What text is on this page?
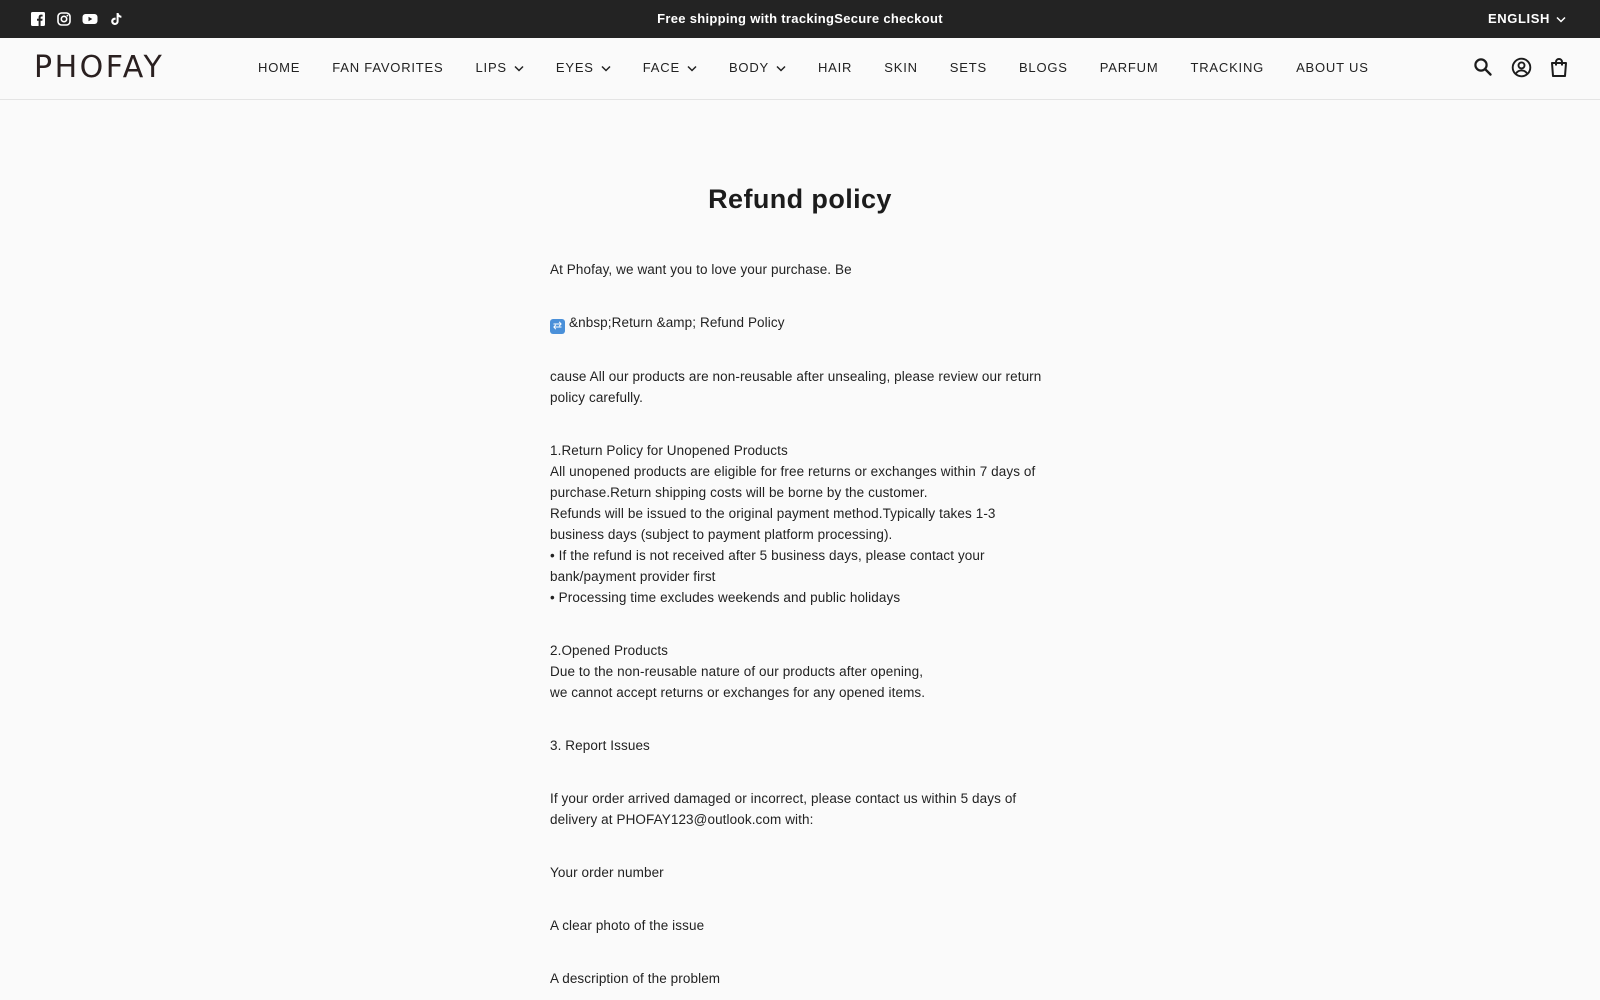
Free shipping with trackingSecure checkout	ENGLISH
PHOFAY	HOME FAN FAVORITES LIPS	EYES	FACE	BODY	HAIR SKIN SETS BLOGS PARFUM TRACKING ABOUT US
Refund policy

At Phofay, we want you to love your purchase. Be

⇄ &nbsp;Return &amp; Refund Policy

cause All our products are non-reusable after unsealing, please review our return policy carefully.

1.Return Policy for Unopened Products
All unopened products are eligible for free returns or exchanges within 7 days of purchase.Return shipping costs will be borne by the customer.
Refunds will be issued to the original payment method.Typically takes 1-3 business days (subject to payment platform processing).
• If the refund is not received after 5 business days, please contact your bank/payment provider first
• Processing time excludes weekends and public holidays

2.Opened Products
Due to the non-reusable nature of our products after opening,
we cannot accept returns or exchanges for any opened items.

3. Report Issues

If your order arrived damaged or incorrect, please contact us within 5 days of delivery at PHOFAY123@outlook.com with:

Your order number

A clear photo of the issue

A description of the problem
